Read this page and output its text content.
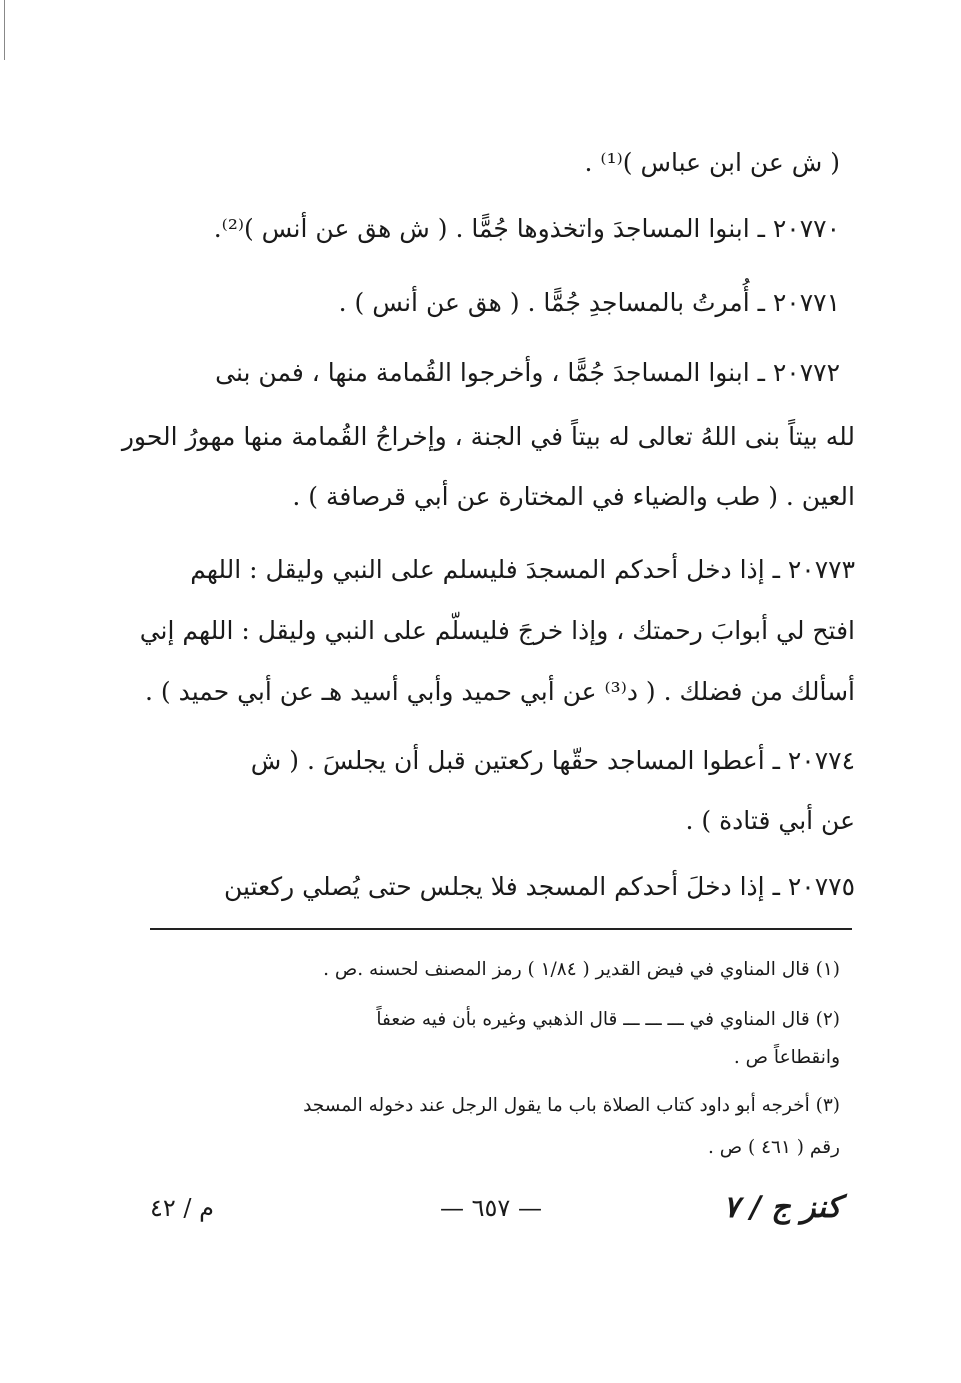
( ش عن ابن عباس )⁽¹⁾ .
٢٠٧٧٠ ـ ابنوا المساجدَ واتخذوها جُمًّا . ( ش هق عن أنس )⁽²⁾.
٢٠٧٧١ ـ أُمرتُ بالمساجدِ جُمًّا . ( هق عن أنس ) .
٢٠٧٧٢ ـ ابنوا المساجدَ جُمًّا ، وأخرجوا القُمامة منها ، فمن بنى
لله بيتاً بنى اللهُ تعالى له بيتاً في الجنة ، وإخراجُ القُمامة منها مهورُ الحور
العين . ( طب والضياء في المختارة عن أبي قرصافة ) .
٢٠٧٧٣ ـ إذا دخل أحدكم المسجدَ فليسلم على النبي وليقل : اللهم
افتح لي أبوابَ رحمتك ، وإذا خرجَ فليسلّم على النبي وليقل : اللهم إني
أسألك من فضلك . ( د⁽³⁾ عن أبي حميد وأبي أسيد هـ عن أبي حميد ) .
٢٠٧٧٤ ـ أعطوا المساجد حقّها ركعتين قبل أن يجلسَ . ( ش
عن أبي قتادة ) .
٢٠٧٧٥ ـ إذا دخلَ أحدكم المسجد فلا يجلس حتى يُصلي ركعتين
(١) قال المناوي في فيض القدير ( ١/٨٤ ) رمز المصنف لحسنه .ص .
(٢) قال المناوي في ـــ ـــ ـــ قال الذهبي وغيره بأن فيه ضعفاً
وانقطاعاً ص .
(٣) أخرجه أبو داود كتاب الصلاة باب ما يقول الرجل عند دخوله المسجد
رقم ( ٤٦١ ) ص .
كنز ج / ٧
— ٦٥٧ —
م / ٤٢
